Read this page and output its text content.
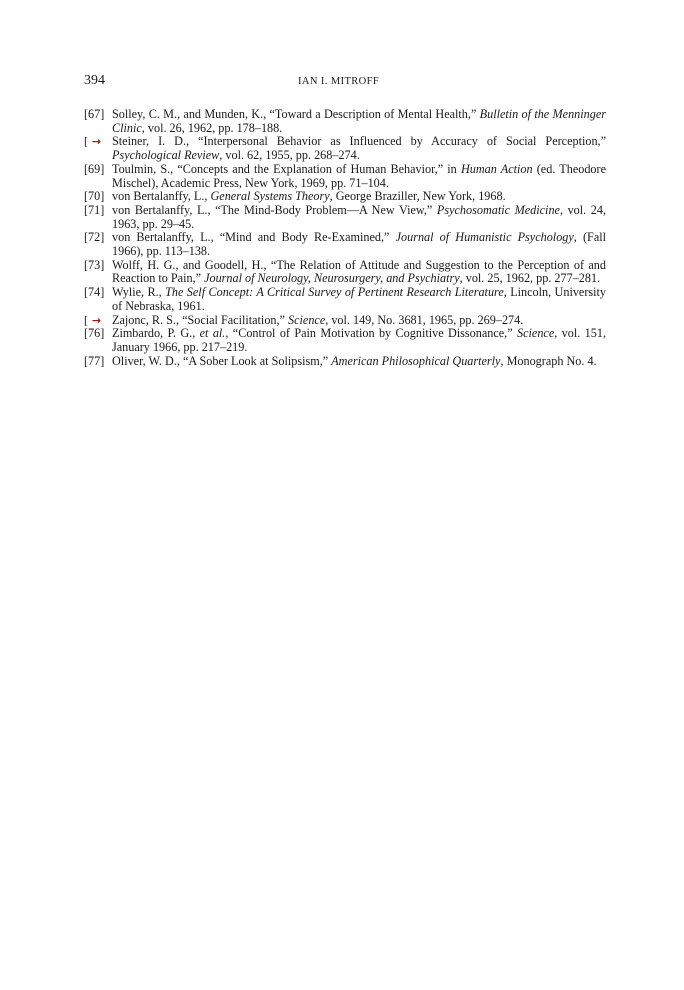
394	IAN I. MITROFF
[67] Solley, C. M., and Munden, K., “Toward a Description of Mental Health,” Bulletin of the Menninger Clinic, vol. 26, 1962, pp. 178–188.
[ → Steiner, I. D., “Interpersonal Behavior as Influenced by Accuracy of Social Perception,” Psychological Review, vol. 62, 1955, pp. 268–274.
[69] Toulmin, S., “Concepts and the Explanation of Human Behavior,” in Human Action (ed. Theodore Mischel), Academic Press, New York, 1969, pp. 71–104.
[70] von Bertalanffy, L., General Systems Theory, George Braziller, New York, 1968.
[71] von Bertalanffy, L., “The Mind-Body Problem—A New View,” Psychosomatic Medicine, vol. 24, 1963, pp. 29–45.
[72] von Bertalanffy, L., “Mind and Body Re-Examined,” Journal of Humanistic Psychology, (Fall 1966), pp. 113–138.
[73] Wolff, H. G., and Goodell, H., “The Relation of Attitude and Suggestion to the Perception of and Reaction to Pain,” Journal of Neurology, Neurosurgery, and Psychiatry, vol. 25, 1962, pp. 277–281.
[74] Wylie, R., The Self Concept: A Critical Survey of Pertinent Research Literature, Lincoln, University of Nebraska, 1961.
[ → Zajonc, R. S., “Social Facilitation,” Science, vol. 149, No. 3681, 1965, pp. 269–274.
[76] Zimbardo, P. G., et al., “Control of Pain Motivation by Cognitive Dissonance,” Science, vol. 151, January 1966, pp. 217–219.
[77] Oliver, W. D., “A Sober Look at Solipsism,” American Philosophical Quarterly, Monograph No. 4.
